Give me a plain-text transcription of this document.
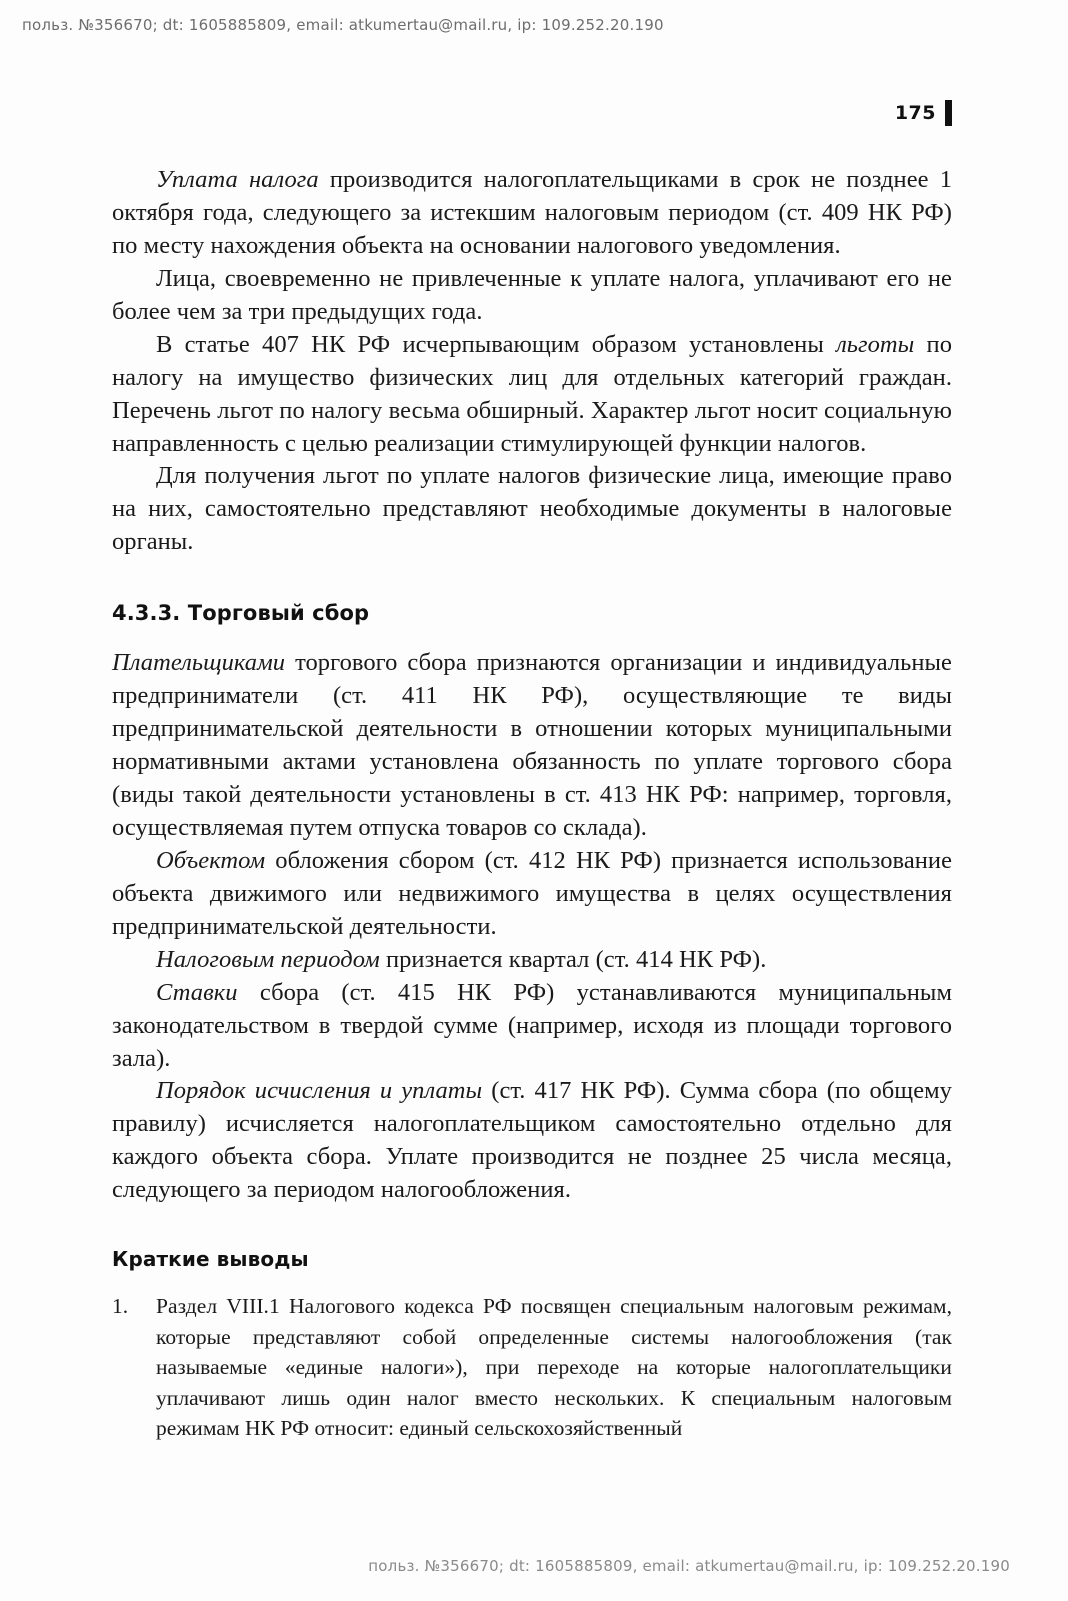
польз. №356670; dt: 1605885809, email: atkumertau@mail.ru, ip: 109.252.20.190
175

Уплата налога производится налогоплательщиками в срок не позднее 1 октября года, следующего за истекшим налоговым периодом (ст. 409 НК РФ) по месту нахождения объекта на основании налогового уведомления.

Лица, своевременно не привлеченные к уплате налога, уплачивают его не более чем за три предыдущих года.

В статье 407 НК РФ исчерпывающим образом установлены льготы по налогу на имущество физических лиц для отдельных категорий граждан. Перечень льгот по налогу весьма обширный. Характер льгот носит социальную направленность с целью реализации стимулирующей функции налогов.

Для получения льгот по уплате налогов физические лица, имеющие право на них, самостоятельно представляют необходимые документы в налоговые органы.

4.3.3. Торговый сбор

Плательщиками торгового сбора признаются организации и индивидуальные предприниматели (ст. 411 НК РФ), осуществляющие те виды предпринимательской деятельности в отношении которых муниципальными нормативными актами установлена обязанность по уплате торгового сбора (виды такой деятельности установлены в ст. 413 НК РФ: например, торговля, осуществляемая путем отпуска товаров со склада).

Объектом обложения сбором (ст. 412 НК РФ) признается использование объекта движимого или недвижимого имущества в целях осуществления предпринимательской деятельности.

Налоговым периодом признается квартал (ст. 414 НК РФ).

Ставки сбора (ст. 415 НК РФ) устанавливаются муниципальным законодательством в твердой сумме (например, исходя из площади торгового зала).

Порядок исчисления и уплаты (ст. 417 НК РФ). Сумма сбора (по общему правилу) исчисляется налогоплательщиком самостоятельно отдельно для каждого объекта сбора. Уплате производится не позднее 25 числа месяца, следующего за периодом налогообложения.

Краткие выводы
1. Раздел VIII.1 Налогового кодекса РФ посвящен специальным налоговым режимам, которые представляют собой определенные системы налогообложения (так называемые «единые налоги»), при переходе на которые налогоплательщики уплачивают лишь один налог вместо нескольких. К специальным налоговым режимам НК РФ относит: единый сельскохозяйственный
польз. №356670; dt: 1605885809, email: atkumertau@mail.ru, ip: 109.252.20.190
